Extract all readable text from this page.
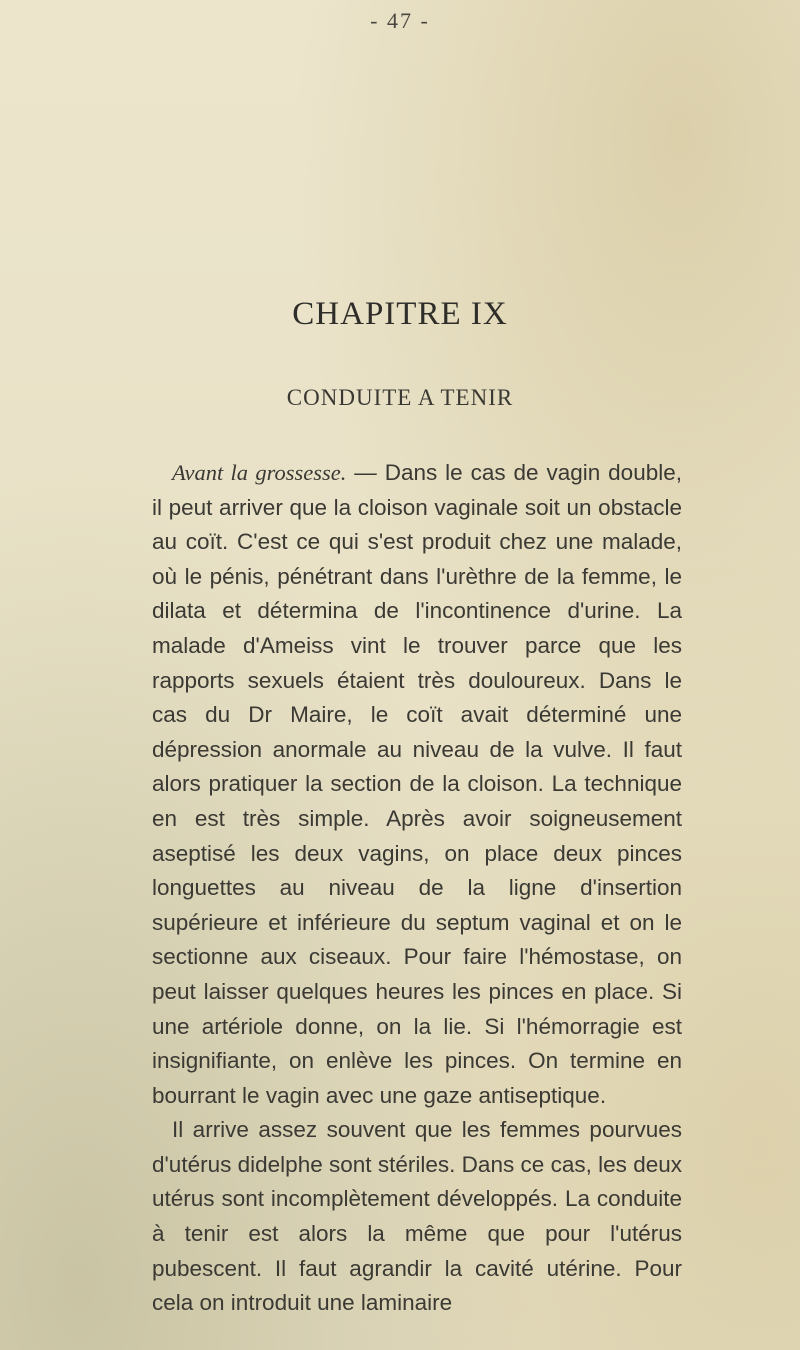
- 47 -
CHAPITRE IX
CONDUITE A TENIR

Avant la grossesse. — Dans le cas de vagin double, il peut arriver que la cloison vaginale soit un obstacle au coït. C'est ce qui s'est produit chez une malade, où le pénis, pénétrant dans l'urèthre de la femme, le dilata et détermina de l'incontinence d'urine. La malade d'Ameiss vint le trouver parce que les rapports sexuels étaient très douloureux. Dans le cas du Dr Maire, le coït avait déterminé une dépression anormale au niveau de la vulve. Il faut alors pratiquer la section de la cloison. La technique en est très simple. Après avoir soigneusement aseptisé les deux vagins, on place deux pinces longuettes au niveau de la ligne d'insertion supérieure et inférieure du septum vaginal et on le sectionne aux ciseaux. Pour faire l'hémostase, on peut laisser quelques heures les pinces en place. Si une artériole donne, on la lie. Si l'hémorragie est insignifiante, on enlève les pinces. On termine en bourrant le vagin avec une gaze antiseptique.

Il arrive assez souvent que les femmes pourvues d'utérus didelphe sont stériles. Dans ce cas, les deux utérus sont incomplètement développés. La conduite à tenir est alors la même que pour l'utérus pubescent. Il faut agrandir la cavité utérine. Pour cela on introduit une laminaire
